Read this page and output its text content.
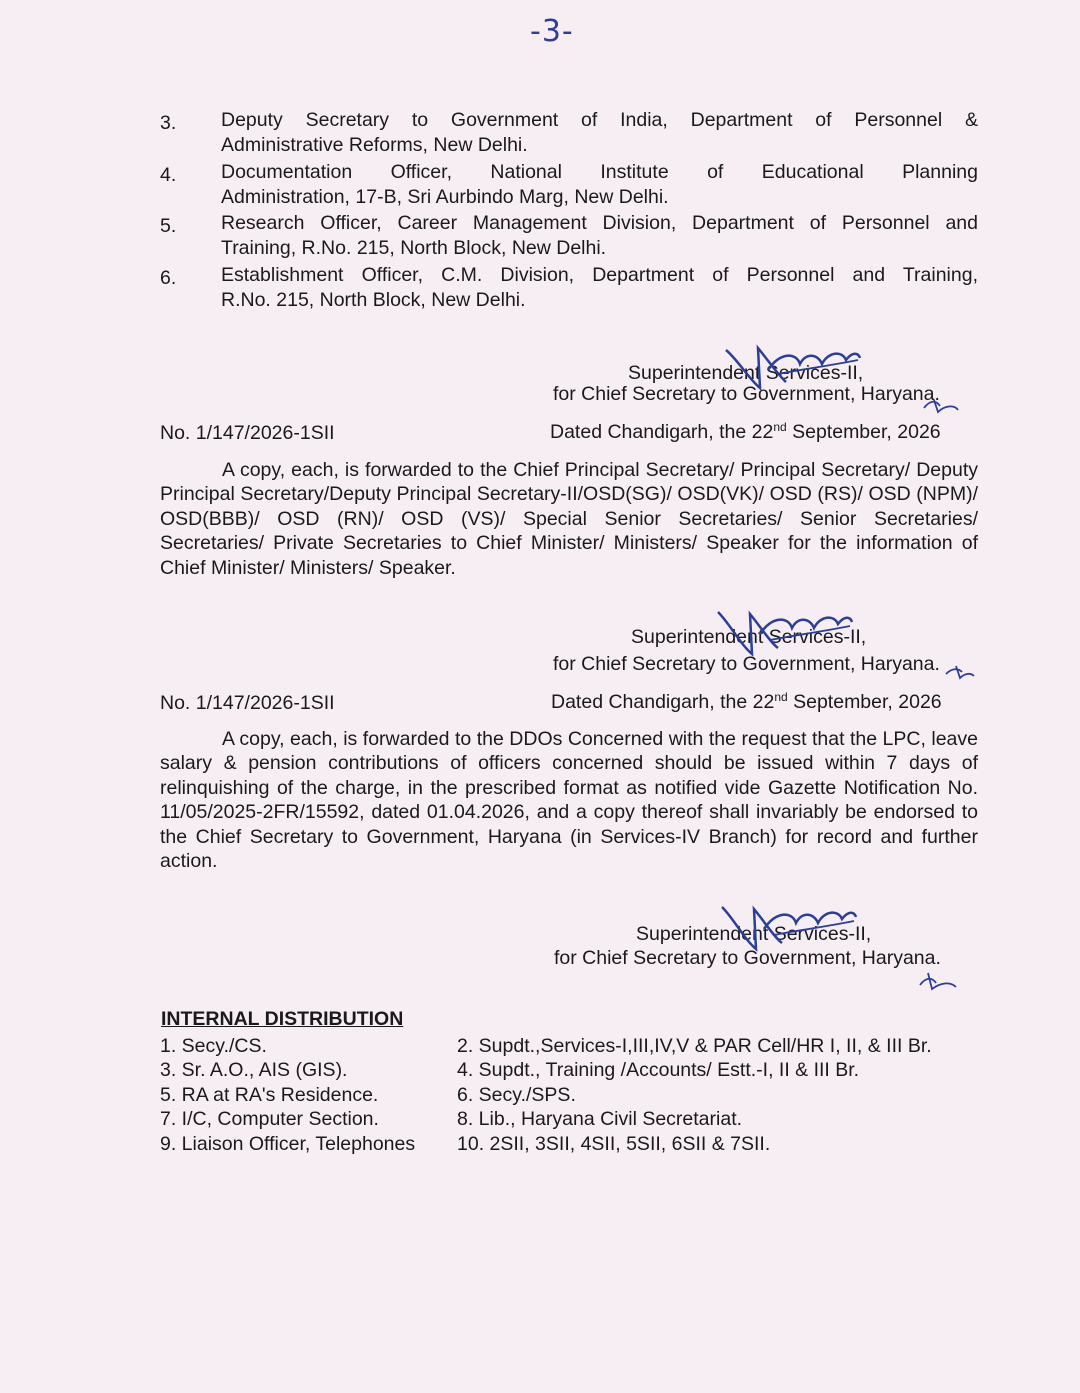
-3-
3.	Deputy Secretary to Government of India, Department of Personnel &
Administrative Reforms, New Delhi.
4.	Documentation Officer, National Institute of Educational Planning
Administration, 17-B, Sri Aurbindo Marg, New Delhi.
5.	Research Officer, Career Management Division, Department of Personnel and
Training, R.No. 215, North Block, New Delhi.
6.	Establishment Officer, C.M. Division, Department of Personnel and Training,
R.No. 215, North Block, New Delhi.
Superintendent Services-II,
for Chief Secretary to Government, Haryana.
No. 1/147/2026-1SII	Dated Chandigarh, the 22nd September, 2026
A copy, each, is forwarded to the Chief Principal Secretary/ Principal Secretary/ Deputy Principal Secretary/Deputy Principal Secretary-II/OSD(SG)/ OSD(VK)/ OSD (RS)/ OSD (NPM)/ OSD(BBB)/ OSD (RN)/ OSD (VS)/ Special Senior Secretaries/ Senior Secretaries/ Secretaries/ Private Secretaries to Chief Minister/ Ministers/ Speaker for the information of Chief Minister/ Ministers/ Speaker.
Superintendent Services-II,
for Chief Secretary to Government, Haryana.
No. 1/147/2026-1SII	Dated Chandigarh, the 22nd September, 2026
A copy, each, is forwarded to the DDOs Concerned with the request that the LPC, leave salary & pension contributions of officers concerned should be issued within 7 days of relinquishing of the charge, in the prescribed format as notified vide Gazette Notification No. 11/05/2025-2FR/15592, dated 01.04.2026, and a copy thereof shall invariably be endorsed to the Chief Secretary to Government, Haryana (in Services-IV Branch) for record and further action.
Superintendent Services-II,
for Chief Secretary to Government, Haryana.
INTERNAL DISTRIBUTION
1. Secy./CS.	2. Supdt.,Services-I,III,IV,V & PAR Cell/HR I, II, & III Br.
3. Sr. A.O., AIS (GIS).	4. Supdt., Training /Accounts/ Estt.-I, II & III Br.
5. RA at RA's Residence.	6. Secy./SPS.
7. I/C, Computer Section.	8. Lib., Haryana Civil Secretariat.
9. Liaison Officer, Telephones	10. 2SII, 3SII, 4SII, 5SII, 6SII & 7SII.
